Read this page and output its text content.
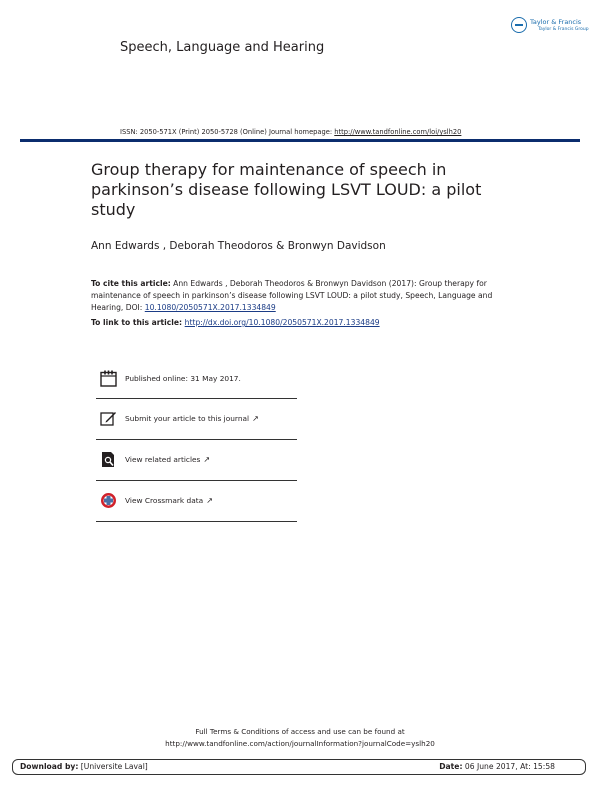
Speech, Language and Hearing
Taylor & Francis
Taylor & Francis Group
ISSN: 2050-571X (Print) 2050-5728 (Online) Journal homepage: http://www.tandfonline.com/loi/yslh20
Group therapy for maintenance of speech in parkinson’s disease following LSVT LOUD: a pilot study
Ann Edwards , Deborah Theodoros & Bronwyn Davidson
To cite this article: Ann Edwards , Deborah Theodoros & Bronwyn Davidson (2017): Group therapy for maintenance of speech in parkinson’s disease following LSVT LOUD: a pilot study, Speech, Language and Hearing, DOI: 10.1080/2050571X.2017.1334849
To link to this article: http://dx.doi.org/10.1080/2050571X.2017.1334849
Published online: 31 May 2017.
Submit your article to this journal ↗
View related articles ↗
View Crossmark data ↗
Full Terms & Conditions of access and use can be found at
http://www.tandfonline.com/action/journalInformation?journalCode=yslh20
Download by: [Universite Laval]	Date: 06 June 2017, At: 15:58
